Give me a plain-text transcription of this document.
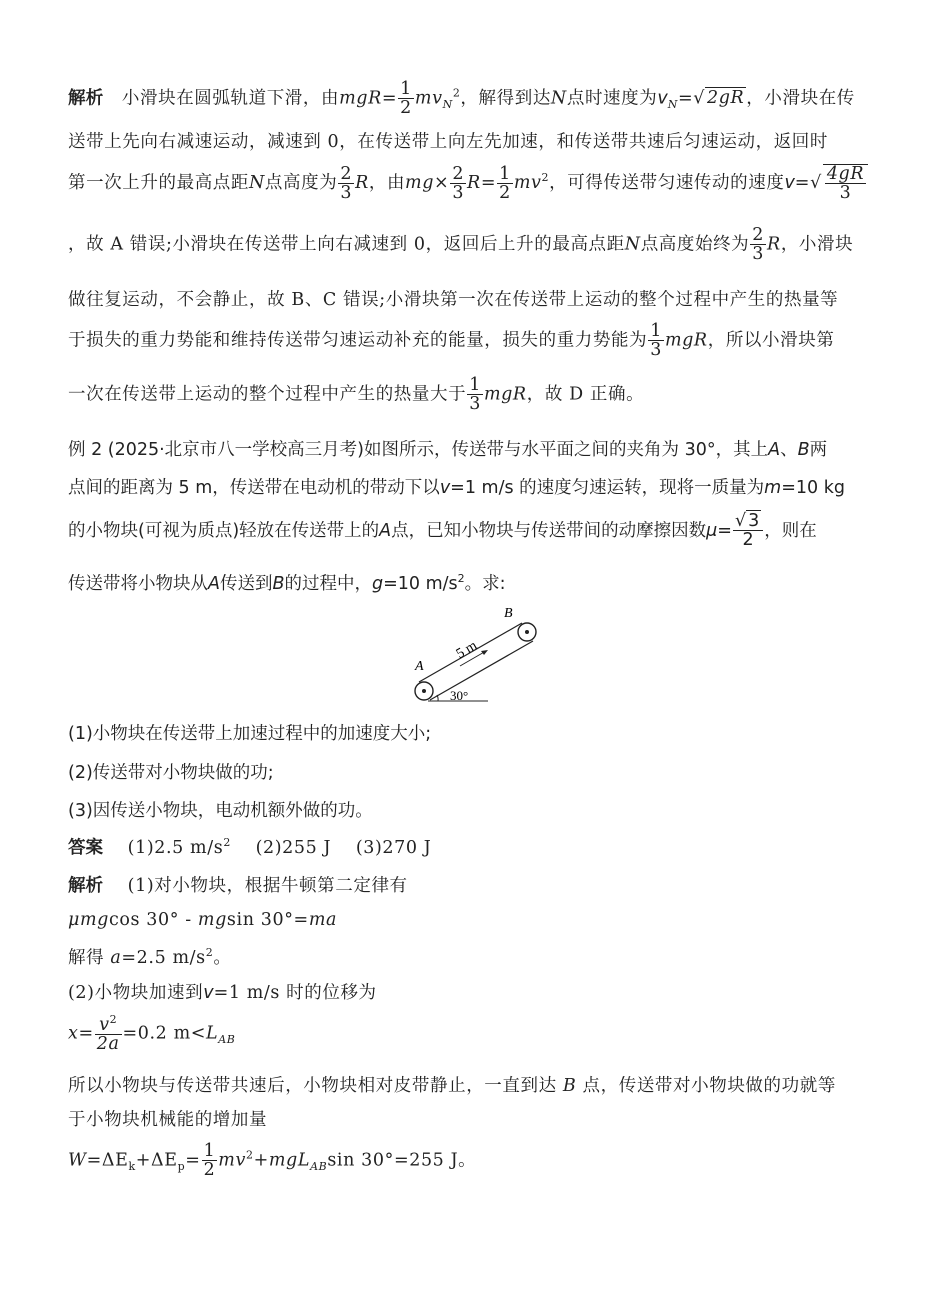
解析 小滑块在圆弧轨道下滑，由$mgR= \frac{1}{2} mv_N^2$，解得到达N点时速度为$v_N=√$ 2gR ，小滑块在传
送带上先向右减速运动，减速到 0，在传送带上向左先加速，和传送带共速后匀速运动，返回时
第一次上升的最高点距N点高度为 $\frac{2}{3}$ R，由$mg\times \frac{2}{3} R= \frac{1}{2} mv^2$，可得传送带匀速传动的速度$v=√ \frac{4gR}{3}$
，故 A 错误;小滑块在传送带上向右减速到 0，返回后上升的最高点距N点高度始终为 $\frac{2}{3}$ R，小滑块
做往复运动，不会静止，故 B、C 错误;小滑块第一次在传送带上运动的整个过程中产生的热量等
于损失的重力势能和维持传送带匀速运动补充的能量，损失的重力势能为 $\frac{1}{3}$ mgR，所以小滑块第
一次在传送带上运动的整个过程中产生的热量大于 $\frac{1}{3}$ mgR，故 D 正确。
例 2 (2025·北京市八一学校高三月考)如图所示，传送带与水平面之间的夹角为 30°，其上A、B两
点间的距离为 5 m，传送带在电动机的带动下以v=1 m/s 的速度匀速运转，现将一质量为m=10 kg
的小物块(可视为质点)轻放在传送带上的A点，已知小物块与传送带间的动摩擦因数$\mu= \frac{√ 3}{2}$ ，则在
传送带将小物块从A传送到B的过程中，g=10 $m/s^2$。求:
A
B
5 m
30°
(1)小物块在传送带上加速过程中的加速度大小;
(2)传送带对小物块做的功;
(3)因传送小物块，电动机额外做的功。
答案 (1)2.5 $m/s^2$ (2)255 J (3)270 J
解析 (1)对小物块，根据牛顿第二定律有
μmgcos 30° - mgsin 30°=ma
解得 a=2.5 $m/s^2$。
(2)小物块加速到v=1 m/s 时的位移为
$x= \frac{v^2}{2a} =0.2$ $m<L_{AB}$
所以小物块与传送带共速后，小物块相对皮带静止，一直到达 B 点，传送带对小物块做的功就等
于小物块机械能的增加量
$W=\Delta E_k+\Delta E_p= \frac{1}{2} mv^2+mgL_{AB}\sin$ 30°=255 J。
